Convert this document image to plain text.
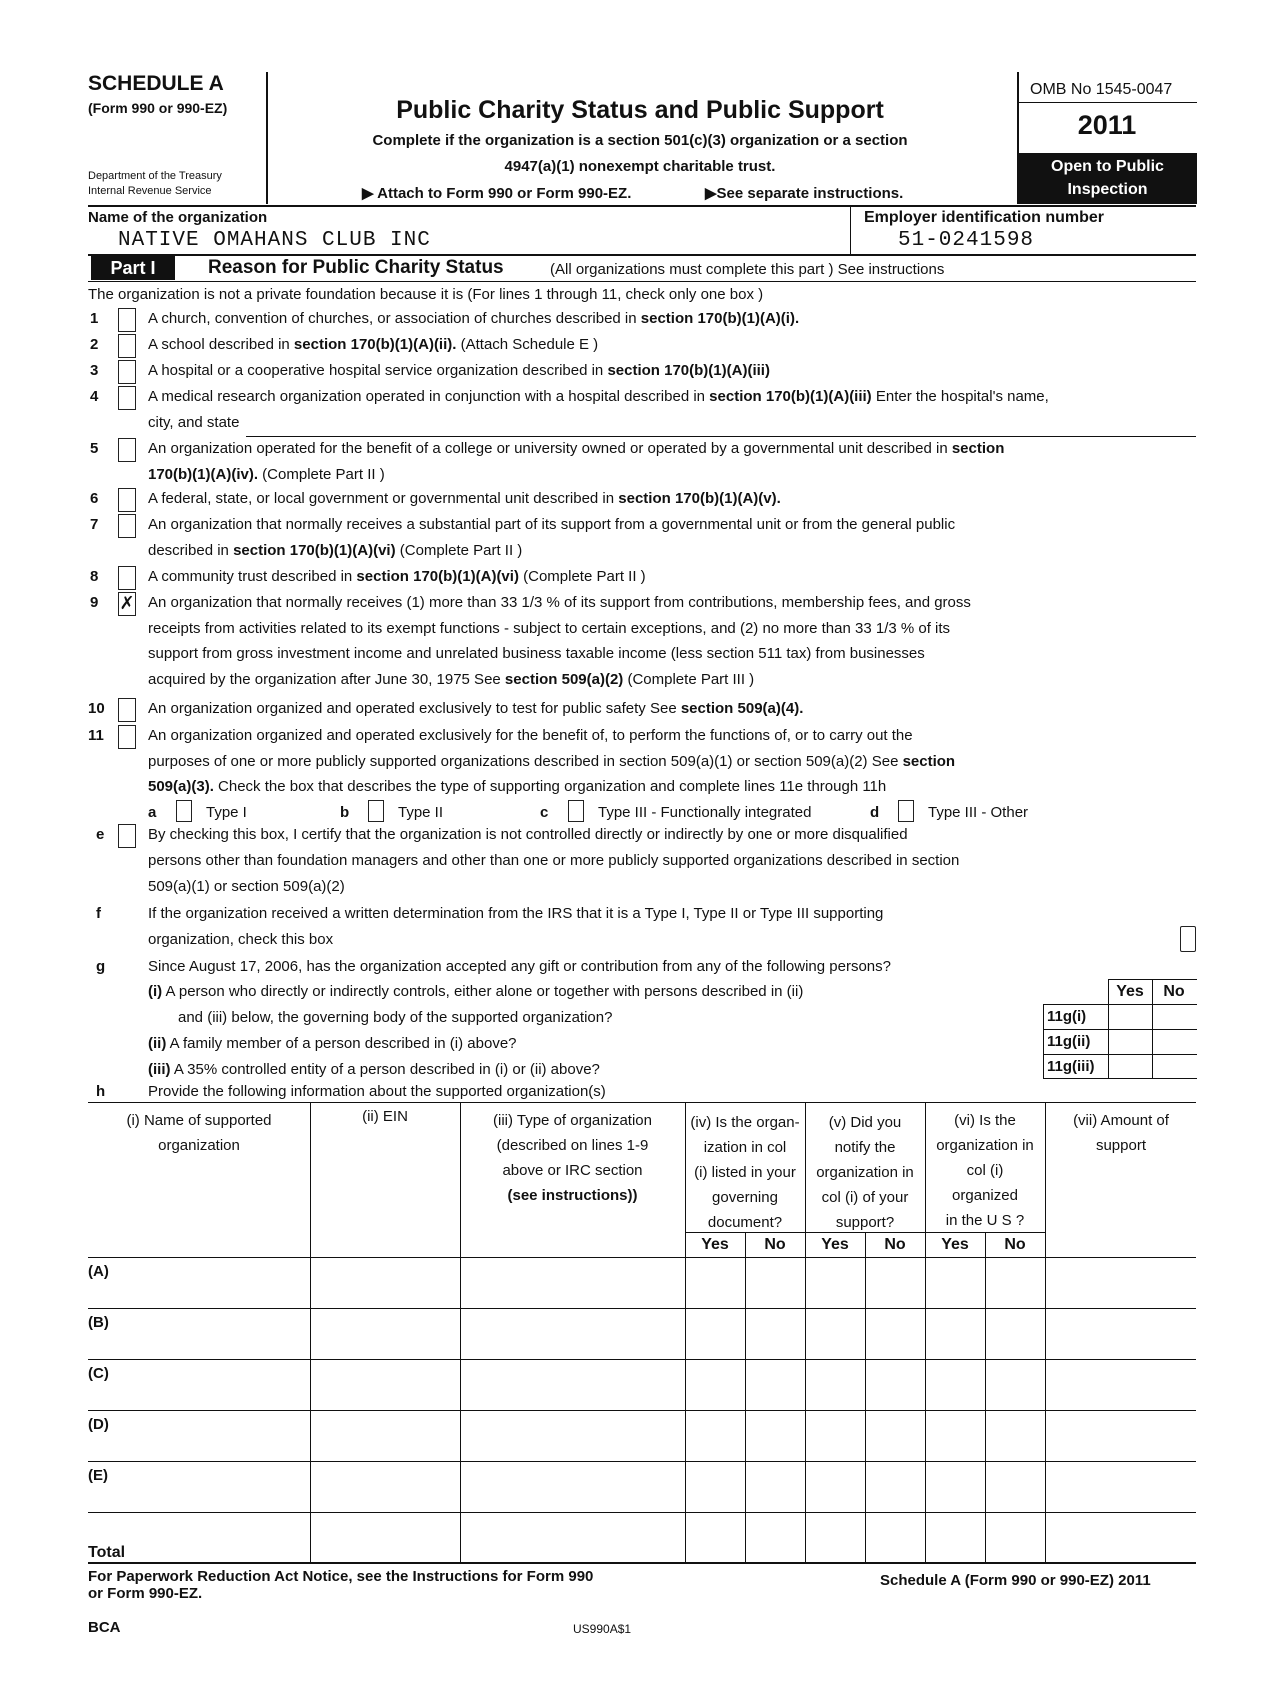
SCHEDULE A
(Form 990 or 990-EZ)
Department of the Treasury
Internal Revenue Service
Public Charity Status and Public Support
Complete if the organization is a section 501(c)(3) organization or a section
4947(a)(1) nonexempt charitable trust.
▶ Attach to Form 990 or Form 990-EZ.	▶See separate instructions.
OMB No 1545-0047
2011
Open to Public
Inspection
Name of the organization
NATIVE OMAHANS CLUB INC
Employer identification number
51-0241598
Part I	Reason for Public Charity Status	(All organizations must complete this part ) See instructions
The organization is not a private foundation because it is (For lines 1 through 11, check only one box )
1	A church, convention of churches, or association of churches described in section 170(b)(1)(A)(i).
2	A school described in section 170(b)(1)(A)(ii). (Attach Schedule E )
3	A hospital or a cooperative hospital service organization described in section 170(b)(1)(A)(iii)
4	A medical research organization operated in conjunction with a hospital described in section 170(b)(1)(A)(iii) Enter the hospital's name,
city, and state
5	An organization operated for the benefit of a college or university owned or operated by a governmental unit described in section
170(b)(1)(A)(iv). (Complete Part II )
6	A federal, state, or local government or governmental unit described in section 170(b)(1)(A)(v).
7	An organization that normally receives a substantial part of its support from a governmental unit or from the general public
described in section 170(b)(1)(A)(vi) (Complete Part II )
8	A community trust described in section 170(b)(1)(A)(vi) (Complete Part II )
9 ✗ An organization that normally receives (1) more than 33 1/3 % of its support from contributions, membership fees, and gross
receipts from activities related to its exempt functions - subject to certain exceptions, and (2) no more than 33 1/3 % of its
support from gross investment income and unrelated business taxable income (less section 511 tax) from businesses
acquired by the organization after June 30, 1975 See section 509(a)(2) (Complete Part III )
10	An organization organized and operated exclusively to test for public safety See section 509(a)(4).
11	An organization organized and operated exclusively for the benefit of, to perform the functions of, or to carry out the
purposes of one or more publicly supported organizations described in section 509(a)(1) or section 509(a)(2) See section
509(a)(3). Check the box that describes the type of supporting organization and complete lines 11e through 11h
a	Type I	b	Type II	c	Type III - Functionally integrated	d	Type III - Other
e	By checking this box, I certify that the organization is not controlled directly or indirectly by one or more disqualified
persons other than foundation managers and other than one or more publicly supported organizations described in section
509(a)(1) or section 509(a)(2)
f	If the organization received a written determination from the IRS that it is a Type I, Type II or Type III supporting
organization, check this box
g	Since August 17, 2006, has the organization accepted any gift or contribution from any of the following persons?
(i) A person who directly or indirectly controls, either alone or together with persons described in (ii)
and (iii) below, the governing body of the supported organization?
(ii) A family member of a person described in (i) above?
(iii) A 35% controlled entity of a person described in (i) or (ii) above?
Yes	No
11g(i)
11g(ii)
11g(iii)
h	Provide the following information about the supported organization(s)
(i) Name of supported
organization
(ii) EIN	(iii) Type of organization
(described on lines 1-9
above or IRC section
(see instructions))
(iv) Is the organ-
ization in col
(i) listed in your
governing
document?
(v) Did you
notify the
organization in
col (i) of your
support?
(vi) Is the
organization in
col (i)
organized
in the U S ?
(vii) Amount of
support
Yes	No	Yes	No	Yes	No
(A)
(B)
(C)
(D)
(E)
Total
For Paperwork Reduction Act Notice, see the Instructions for Form 990
or Form 990-EZ.
Schedule A (Form 990 or 990-EZ) 2011
BCA	US990A$1
